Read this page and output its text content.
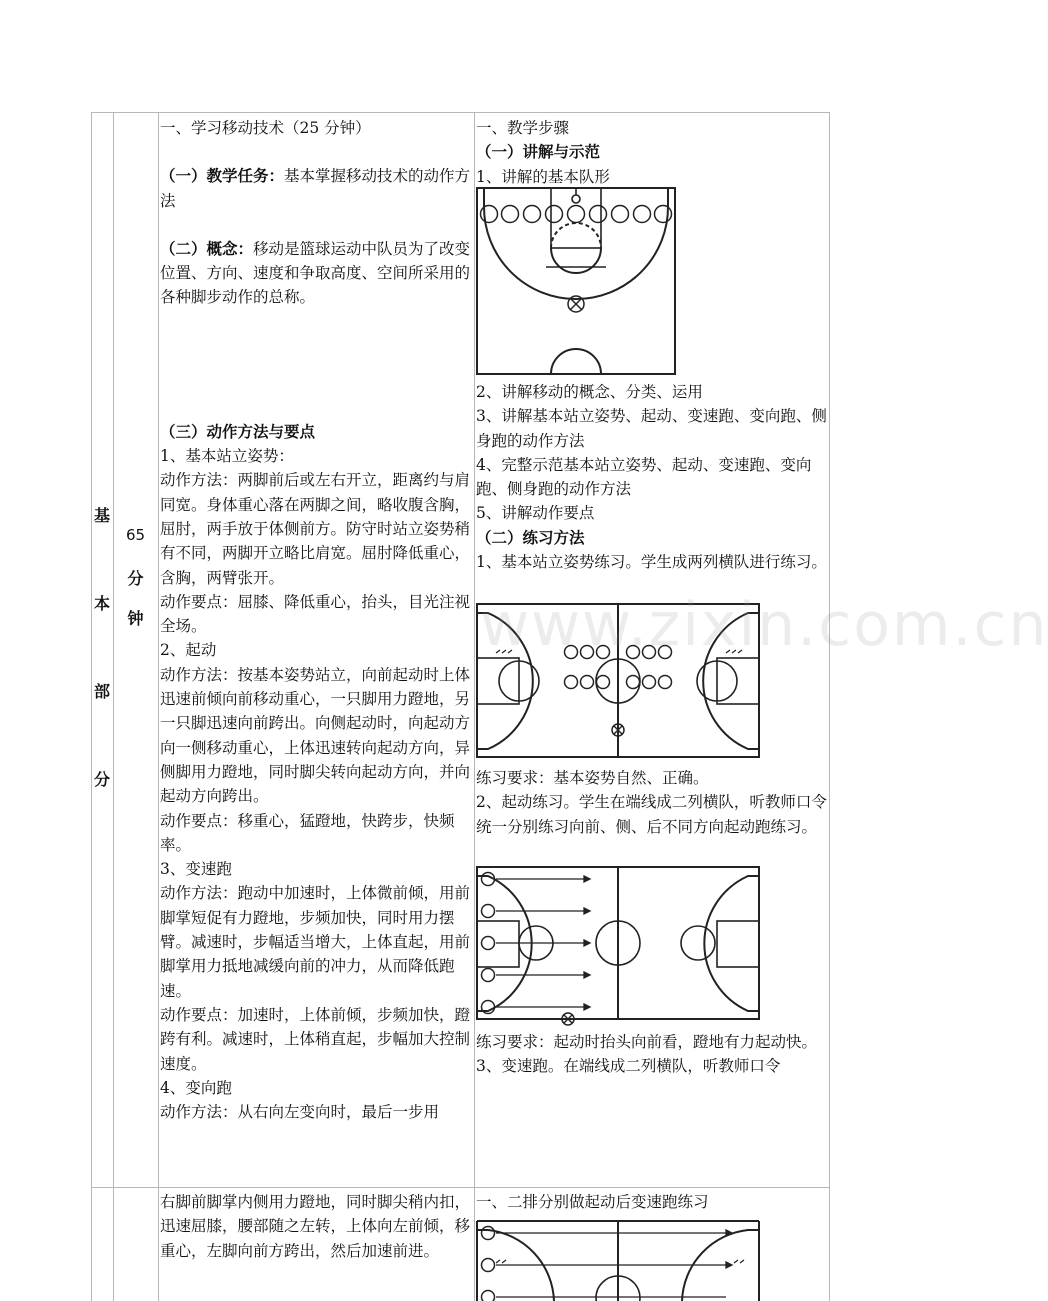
基
本
部
分
65
分
钟

一、学习移动技术（25 分钟）

（一）教学任务：基本掌握移动技术的动作方法

（二）概念：移动是篮球运动中队员为了改变位置、方向、速度和争取高度、空间所采用的各种脚步动作的总称。

（三）动作方法与要点

1、基本站立姿势：

动作方法：两脚前后或左右开立，距离约与肩同宽。身体重心落在两脚之间，略收腹含胸，屈肘，两手放于体侧前方。防守时站立姿势稍有不同，两脚开立略比肩宽。屈肘降低重心，含胸，两臂张开。

动作要点：屈膝、降低重心，抬头，目光注视全场。

2、起动

动作方法：按基本姿势站立，向前起动时上体迅速前倾向前移动重心，一只脚用力蹬地，另一只脚迅速向前跨出。向侧起动时，向起动方向一侧移动重心，上体迅速转向起动方向，异侧脚用力蹬地，同时脚尖转向起动方向，并向起动方向跨出。

动作要点：移重心，猛蹬地，快跨步，快频率。

3、变速跑

动作方法：跑动中加速时，上体微前倾，用前脚掌短促有力蹬地，步频加快，同时用力摆臂。减速时，步幅适当增大，上体直起，用前脚掌用力抵地减缓向前的冲力，从而降低跑速。

动作要点：加速时，上体前倾，步频加快，蹬跨有利。减速时，上体稍直起，步幅加大控制速度。

4、变向跑

动作方法：从右向左变向时，最后一步用

一、教学步骤

（一）讲解与示范

1、讲解的基本队形

2、讲解移动的概念、分类、运用

3、讲解基本站立姿势、起动、变速跑、变向跑、侧身跑的动作方法

4、完整示范基本站立姿势、起动、变速跑、变向跑、侧身跑的动作方法

5、讲解动作要点

（二）练习方法

1、基本站立姿势练习。学生成两列横队进行练习。

练习要求：基本姿势自然、正确。

2、起动练习。学生在端线成二列横队，听教师口令统一分别练习向前、侧、后不同方向起动跑练习。

练习要求：起动时抬头向前看，蹬地有力起动快。

3、变速跑。在端线成二列横队，听教师口令

右脚前脚掌内侧用力蹬地，同时脚尖稍内扣，迅速屈膝，腰部随之左转，上体向左前倾，移重心，左脚向前方跨出，然后加速前进。

一、二排分别做起动后变速跑练习

www.zixin.com.cn
